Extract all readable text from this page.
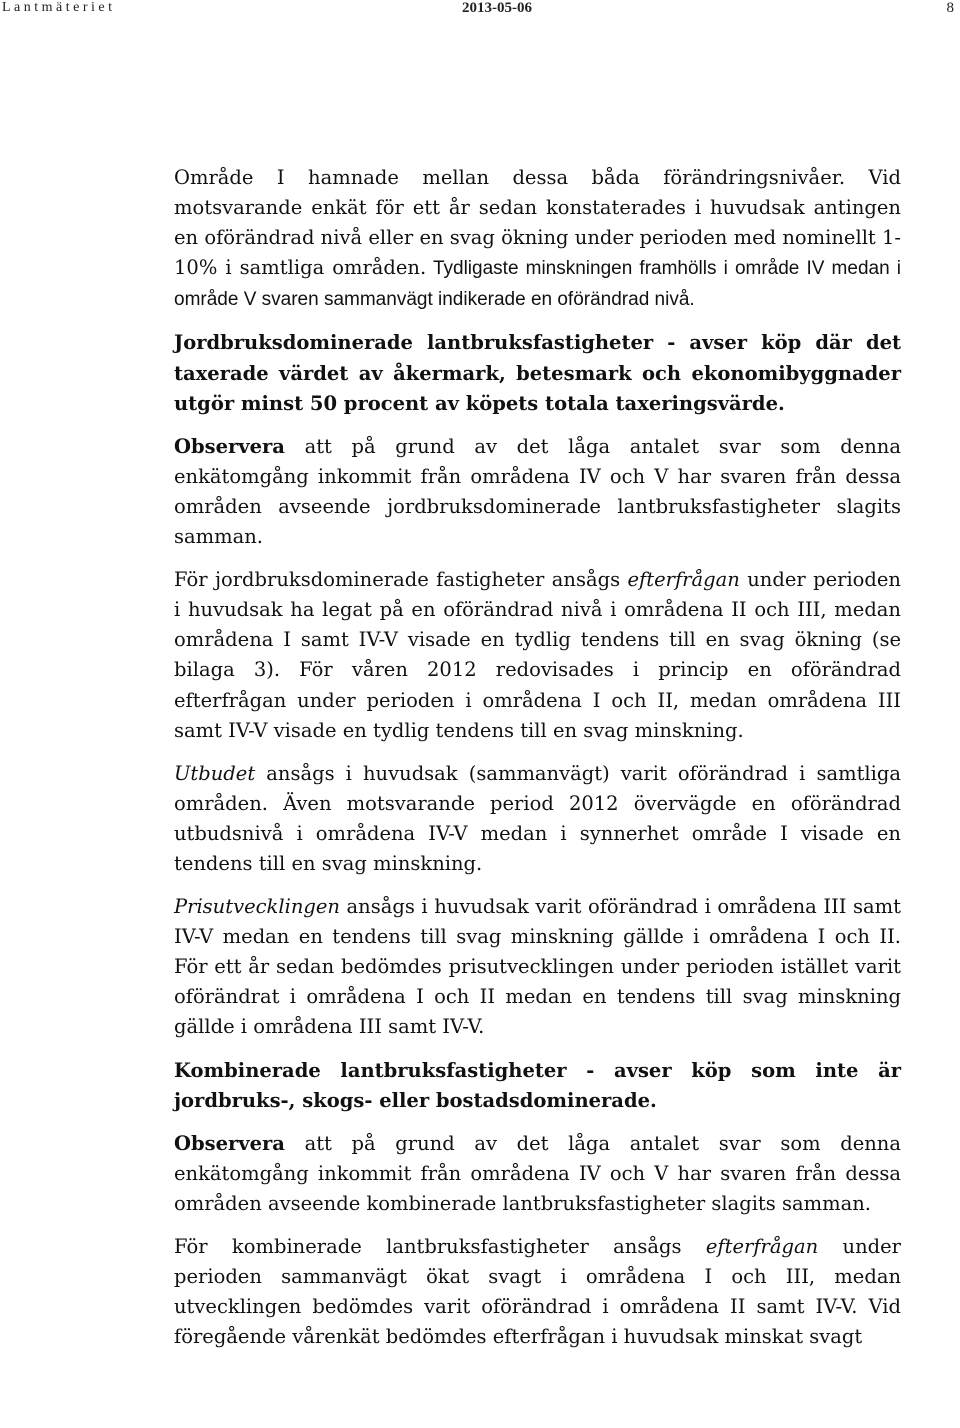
Lantmäteriet	2013-05-06	8

Område I hamnade mellan dessa båda förändringsnivåer. Vid motsvarande enkät för ett år sedan konstaterades i huvudsak antingen en oförändrad nivå eller en svag ökning under perioden med nominellt 1-10% i samtliga områden. Tydligaste minskningen framhölls i område IV medan i område V svaren sammanvägt indikerade en oförändrad nivå.

Jordbruksdominerade lantbruksfastigheter - avser köp där det taxerade värdet av åkermark, betesmark och ekonomibyggnader utgör minst 50 procent av köpets totala taxeringsvärde.

Observera att på grund av det låga antalet svar som denna enkätomgång inkommit från områdena IV och V har svaren från dessa områden avseende jordbruksdominerade lantbruksfastigheter slagits samman.

För jordbruksdominerade fastigheter ansågs efterfrågan under perioden i huvudsak ha legat på en oförändrad nivå i områdena II och III, medan områdena I samt IV-V visade en tydlig tendens till en svag ökning (se bilaga 3). För våren 2012 redovisades i princip en oförändrad efterfrågan under perioden i områdena I och II, medan områdena III samt IV-V visade en tydlig tendens till en svag minskning.

Utbudet ansågs i huvudsak (sammanvägt) varit oförändrad i samtliga områden. Även motsvarande period 2012 övervägde en oförändrad utbudsnivå i områdena IV-V medan i synnerhet område I visade en tendens till en svag minskning.

Prisutvecklingen ansågs i huvudsak varit oförändrad i områdena III samt IV-V medan en tendens till svag minskning gällde i områdena I och II. För ett år sedan bedömdes prisutvecklingen under perioden istället varit oförändrat i områdena I och II medan en tendens till svag minskning gällde i områdena III samt IV-V.

Kombinerade lantbruksfastigheter - avser köp som inte är jordbruks-, skogs- eller bostadsdominerade.

Observera att på grund av det låga antalet svar som denna enkätomgång inkommit från områdena IV och V har svaren från dessa områden avseende kombinerade lantbruksfastigheter slagits samman.

För kombinerade lantbruksfastigheter ansågs efterfrågan under perioden sammanvägt ökat svagt i områdena I och III, medan utvecklingen bedömdes varit oförändrad i områdena II samt IV-V. Vid föregående vårenkät bedömdes efterfrågan i huvudsak minskat svagt
